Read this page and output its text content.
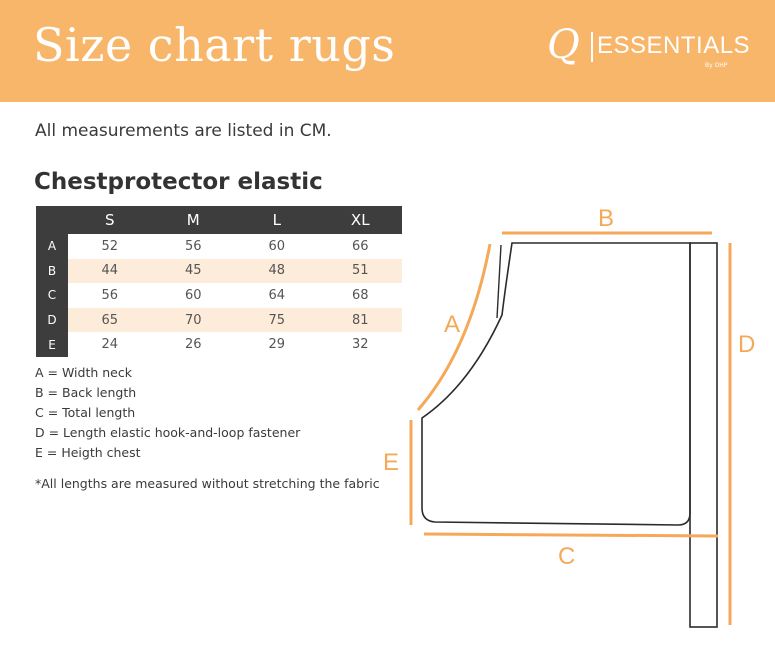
Size chart rugs	Q ESSENTIALS
By OHP
All measurements are listed in CM.
Chestprotector elastic
	S	M	L	XL
A	52	56	60	66
B	44	45	48	51
C	56	60	64	68
D	65	70	75	81
E	24	26	29	32
A = Width neck
B = Back length
C = Total length
D = Length elastic hook-and-loop fastener
E = Heigth chest
*All lengths are measured without stretching the fabric
A
B
C
D
E
